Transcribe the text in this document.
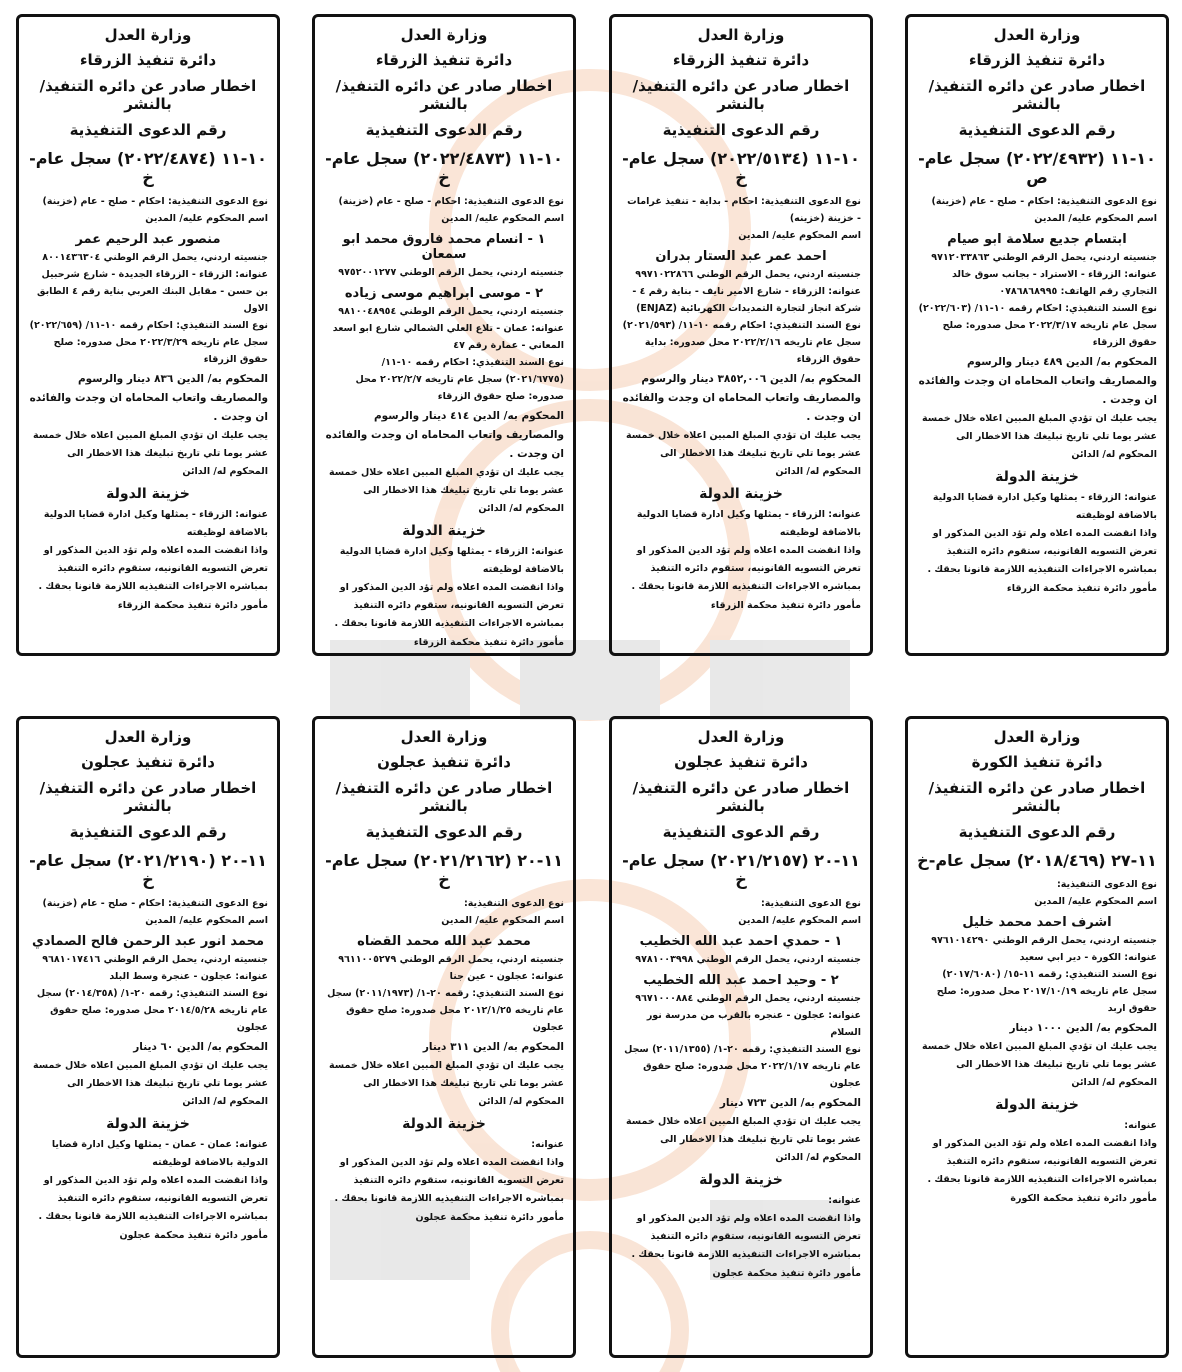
وزارة العدل
دائرة تنفيذ الزرقاء
اخطار صادر عن دائره التنفيذ/ بالنشر
رقم الدعوى التنفيذية
١٠-١١ (٢٠٢٢/٤٩٣٢) سجل عام-ص

نوع الدعوى التنفيذية: احكام - صلح - عام (خزينة)

اسم المحكوم عليه/ المدين

ابتسام جديع سلامة ابو صيام

جنسيته اردني، يحمل الرقم الوطني ٩٧١٢٠٣٣٨٦٣

عنوانه: الزرقاء - الاستراد - بجانب سوق خالد التجاري رقم الهاتف: ٠٧٨٦٨٦٨٩٩٥

نوع السند التنفيذي: احكام رقمه ١٠-١١/ (٢٠٢٢/٦٠٣) سجل عام تاريخه ٢٠٢٢/٣/١٧ محل صدوره: صلح حقوق الزرقاء

المحكوم به/ الدين ٤٨٩ دينار والرسوم والمصاريف واتعاب المحاماه ان وجدت والفائده ان وجدت .

يجب عليك ان تؤدي المبلغ المبين اعلاه خلال خمسة عشر يوما تلي تاريخ تبليغك هذا الاخطار الى المحكوم له/ الدائن

خزينة الدولة

عنوانه: الزرقاء - يمثلها وكيل ادارة قضايا الدولية بالاضافة لوظيفته

واذا انقضت المده اعلاه ولم تؤد الدين المذكور او تعرض التسويه القانونيه، ستقوم دائره التنفيذ بمباشره الاجراءات التنفيذيه اللازمة قانونا بحقك .

مأمور دائرة تنفيذ محكمة الزرقاء
وزارة العدل
دائرة تنفيذ الزرقاء
اخطار صادر عن دائره التنفيذ/ بالنشر
رقم الدعوى التنفيذية
١٠-١١ (٢٠٢٢/٥١٣٤) سجل عام-خ

نوع الدعوى التنفيذية: احكام - بداية - تنفيذ غرامات - خزينة (خزينه)

اسم المحكوم عليه/ المدين

احمد عمر عبد الستار بدران

جنسيته اردني، يحمل الرقم الوطني ٩٩٧١٠٢٢٨٦٦

عنوانه: الزرقاء - شارع الامير نايف - بناية رقم ٤ - شركة انجاز لتجارة التمديدات الكهربائية (ENJAZ)

نوع السند التنفيذي: احكام رقمه ١٠-١١/ (٢٠٢١/٥٩٣) سجل عام تاريخه ٢٠٢٢/٢/١٦ محل صدوره: بداية حقوق الزرقاء

المحكوم به/ الدين ٣٨٥٢,٠٠٦ دينار والرسوم والمصاريف واتعاب المحاماه ان وجدت والفائده ان وجدت .

يجب عليك ان تؤدي المبلغ المبين اعلاه خلال خمسة عشر يوما تلي تاريخ تبليغك هذا الاخطار الى المحكوم له/ الدائن

خزينة الدولة

عنوانه: الزرقاء - يمثلها وكيل ادارة قضايا الدولية بالاضافة لوظيفته

واذا انقضت المده اعلاه ولم تؤد الدين المذكور او تعرض التسويه القانونيه، ستقوم دائره التنفيذ بمباشره الاجراءات التنفيذيه اللازمة قانونا بحقك .

مأمور دائرة تنفيذ محكمة الزرقاء
وزارة العدل
دائرة تنفيذ الزرقاء
اخطار صادر عن دائره التنفيذ/ بالنشر
رقم الدعوى التنفيذية
١٠-١١ (٢٠٢٢/٤٨٧٣) سجل عام-خ

نوع الدعوى التنفيذية: احكام - صلح - عام (خزينة)

اسم المحكوم عليه/ المدين

١ - انسام محمد فاروق محمد ابو سمعان

جنسيته اردني، يحمل الرقم الوطني ٩٧٥٢٠٠١٢٧٧

٢ - موسى ابراهيم موسى زياده

جنسيته اردني، يحمل الرقم الوطني ٩٨١٠٠٤٨٩٥٤

عنوانه: عمان - تلاع العلي الشمالي شارع ابو اسعد المعاني - عمارة رقم ٤٧

نوع السند التنفيذي: احكام رقمه ١٠-١١/ (٢٠٢١/٦٧٧٥) سجل عام تاريخه ٢٠٢٢/٢/٧ محل صدوره: صلح حقوق الزرقاء

المحكوم به/ الدين ٤١٤ دينار والرسوم والمصاريف واتعاب المحاماه ان وجدت والفائده ان وجدت .

يجب عليك ان تؤدي المبلغ المبين اعلاه خلال خمسة عشر يوما تلي تاريخ تبليغك هذا الاخطار الى المحكوم له/ الدائن

خزينة الدولة

عنوانه: الزرقاء - يمثلها وكيل ادارة قضايا الدولية بالاضافة لوظيفته

واذا انقضت المده اعلاه ولم تؤد الدين المذكور او تعرض التسويه القانونيه، ستقوم دائره التنفيذ بمباشره الاجراءات التنفيذيه اللازمة قانونا بحقك .

مأمور دائرة تنفيذ محكمة الزرقاء
وزارة العدل
دائرة تنفيذ الزرقاء
اخطار صادر عن دائره التنفيذ/ بالنشر
رقم الدعوى التنفيذية
١٠-١١ (٢٠٢٢/٤٨٧٤) سجل عام-خ

نوع الدعوى التنفيذية: احكام - صلح - عام (خزينة)

اسم المحكوم عليه/ المدين

منصور عبد الرحيم عمر

جنسيته اردني، يحمل الرقم الوطني ٨٠٠١٤٣٦٣٠٤

عنوانه: الزرقاء - الزرقاء الجديدة - شارع شرحبيل بن حسن - مقابل البنك العربي بناية رقم ٤ الطابق الاول

نوع السند التنفيذي: احكام رقمه ١٠-١١/ (٢٠٢٢/٦٥٩) سجل عام تاريخه ٢٠٢٢/٣/٢٩ محل صدوره: صلح حقوق الزرقاء

المحكوم به/ الدين ٨٣٦ دينار والرسوم والمصاريف واتعاب المحاماه ان وجدت والفائده ان وجدت .

يجب عليك ان تؤدي المبلغ المبين اعلاه خلال خمسة عشر يوما تلي تاريخ تبليغك هذا الاخطار الى المحكوم له/ الدائن

خزينة الدولة

عنوانه: الزرقاء - يمثلها وكيل ادارة قضايا الدولية بالاضافة لوظيفته

واذا انقضت المده اعلاه ولم تؤد الدين المذكور او تعرض التسويه القانونيه، ستقوم دائره التنفيذ بمباشره الاجراءات التنفيذيه اللازمة قانونا بحقك .

مأمور دائرة تنفيذ محكمة الزرقاء
وزارة العدل
دائرة تنفيذ الكورة
اخطار صادر عن دائره التنفيذ/ بالنشر
رقم الدعوى التنفيذية
١١-٢٧ (٢٠١٨/٤٦٩) سجل عام-خ

نوع الدعوى التنفيذية:

اسم المحكوم عليه/ المدين

اشرف احمد محمد خليل

جنسيته اردني، يحمل الرقم الوطني ٩٧٦١٠١٤٢٩٠

عنوانه: الكورة - دير ابي سعيد

نوع السند التنفيذي: رقمه ١١-١٥/ (٢٠١٧/٦٠٨٠) سجل عام تاريخه ٢٠١٧/١٠/١٩ محل صدوره: صلح حقوق اربد

المحكوم به/ الدين ١٠٠٠ دينار

يجب عليك ان تؤدي المبلغ المبين اعلاه خلال خمسة عشر يوما تلي تاريخ تبليغك هذا الاخطار الى المحكوم له/ الدائن

خزينة الدولة

عنوانه:

واذا انقضت المده اعلاه ولم تؤد الدين المذكور او تعرض التسويه القانونيه، ستقوم دائره التنفيذ بمباشره الاجراءات التنفيذيه اللازمة قانونا بحقك .

مأمور دائرة تنفيذ محكمة الكورة
وزارة العدل
دائرة تنفيذ عجلون
اخطار صادر عن دائره التنفيذ/ بالنشر
رقم الدعوى التنفيذية
١١-٢٠ (٢٠٢١/٢١٥٧) سجل عام-خ

نوع الدعوى التنفيذية:

اسم المحكوم عليه/ المدين

١ - حمدي احمد عبد الله الخطيب

جنسيته اردني، يحمل الرقم الوطني ٩٧٨١٠٠٣٩٩٨

٢ - وحيد احمد عبد الله الخطيب

جنسيته اردني، يحمل الرقم الوطني ٩٦٧١٠٠٠٨٨٤

عنوانه: عجلون - عنجره بالقرب من مدرسة نور السلام

نوع السند التنفيذي: رقمه ٢٠-١/ (٢٠١١/١٣٥٥) سجل عام تاريخه ٢٠٢٢/١/١٧ محل صدوره: صلح حقوق عجلون

المحكوم به/ الدين ٧٢٣ دينار

يجب عليك ان تؤدي المبلغ المبين اعلاه خلال خمسة عشر يوما تلي تاريخ تبليغك هذا الاخطار الى المحكوم له/ الدائن

خزينة الدولة

عنوانه:

واذا انقضت المده اعلاه ولم تؤد الدين المذكور او تعرض التسويه القانونيه، ستقوم دائره التنفيذ بمباشره الاجراءات التنفيذيه اللازمة قانونا بحقك .

مأمور دائرة تنفيذ محكمة عجلون
وزارة العدل
دائرة تنفيذ عجلون
اخطار صادر عن دائره التنفيذ/ بالنشر
رقم الدعوى التنفيذية
١١-٢٠ (٢٠٢١/٢١٦٢) سجل عام-خ

نوع الدعوى التنفيذية:

اسم المحكوم عليه/ المدين

محمد عبد الله محمد القضاه

جنسيته اردني، يحمل الرقم الوطني ٩٦١١٠٠٥٢٧٩

عنوانه: عجلون - عين جنا

نوع السند التنفيذي: رقمه ٢٠-١/ (٢٠١١/١٩٧٣) سجل عام تاريخه ٢٠١٢/١/٢٥ محل صدوره: صلح حقوق عجلون

المحكوم به/ الدين ٣١١ دينار

يجب عليك ان تؤدي المبلغ المبين اعلاه خلال خمسة عشر يوما تلي تاريخ تبليغك هذا الاخطار الى المحكوم له/ الدائن

خزينة الدولة

عنوانه:

واذا انقضت المده اعلاه ولم تؤد الدين المذكور او تعرض التسويه القانونيه، ستقوم دائره التنفيذ بمباشره الاجراءات التنفيذيه اللازمة قانونا بحقك .

مأمور دائرة تنفيذ محكمة عجلون
وزارة العدل
دائرة تنفيذ عجلون
اخطار صادر عن دائره التنفيذ/ بالنشر
رقم الدعوى التنفيذية
١١-٢٠ (٢٠٢١/٢١٩٠) سجل عام-خ

نوع الدعوى التنفيذية: احكام - صلح - عام (خزينة)

اسم المحكوم عليه/ المدين

محمد انور عبد الرحمن فالح الصمادي

جنسيته اردني، يحمل الرقم الوطني ٩٦٨١٠١٧٤١٦

عنوانه: عجلون - عنجرة وسط البلد

نوع السند التنفيذي: رقمه ٢٠-١/ (٢٠١٤/٣٥٨) سجل عام تاريخه ٢٠١٤/٥/٢٨ محل صدوره: صلح حقوق عجلون

المحكوم به/ الدين ٦٠ دينار

يجب عليك ان تؤدي المبلغ المبين اعلاه خلال خمسة عشر يوما تلي تاريخ تبليغك هذا الاخطار الى المحكوم له/ الدائن

خزينة الدولة

عنوانه: عمان - عمان - يمثلها وكيل ادارة قضايا الدولية بالاضافة لوظيفته

واذا انقضت المده اعلاه ولم تؤد الدين المذكور او تعرض التسويه القانونيه، ستقوم دائره التنفيذ بمباشره الاجراءات التنفيذيه اللازمة قانونا بحقك .

مأمور دائرة تنفيذ محكمة عجلون
